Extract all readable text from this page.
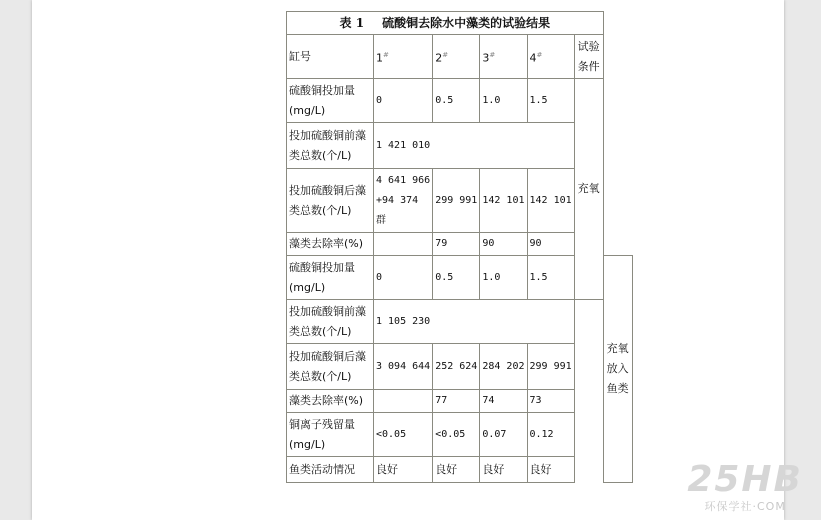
表 1 硫酸铜去除水中藻类的试验结果						
缸号	1#	2#	3#	4#	试验条件	
硫酸铜投加量(mg/L)	0	0.5	1.0	1.5	充氧	
投加硫酸铜前藻类总数(个/L)	1 421 010					
投加硫酸铜后藻类总数(个/L)	4 641 966 +94 374 群	299 991	142 101	142 101		
藻类去除率(%)		79	90	90		
硫酸铜投加量(mg/L)	0	0.5	1.0	1.5		充氧放入鱼类
投加硫酸铜前藻类总数(个/L)	1 105 230					
投加硫酸铜后藻类总数(个/L)	3 094 644	252 624	284 202	299 991		
藻类去除率(%)		77	74	73		
铜离子残留量(mg/L)	<0.05	<0.05	0.07	0.12		
鱼类活动情况	良好	良好	良好	良好			25HB
环保学社·COM
